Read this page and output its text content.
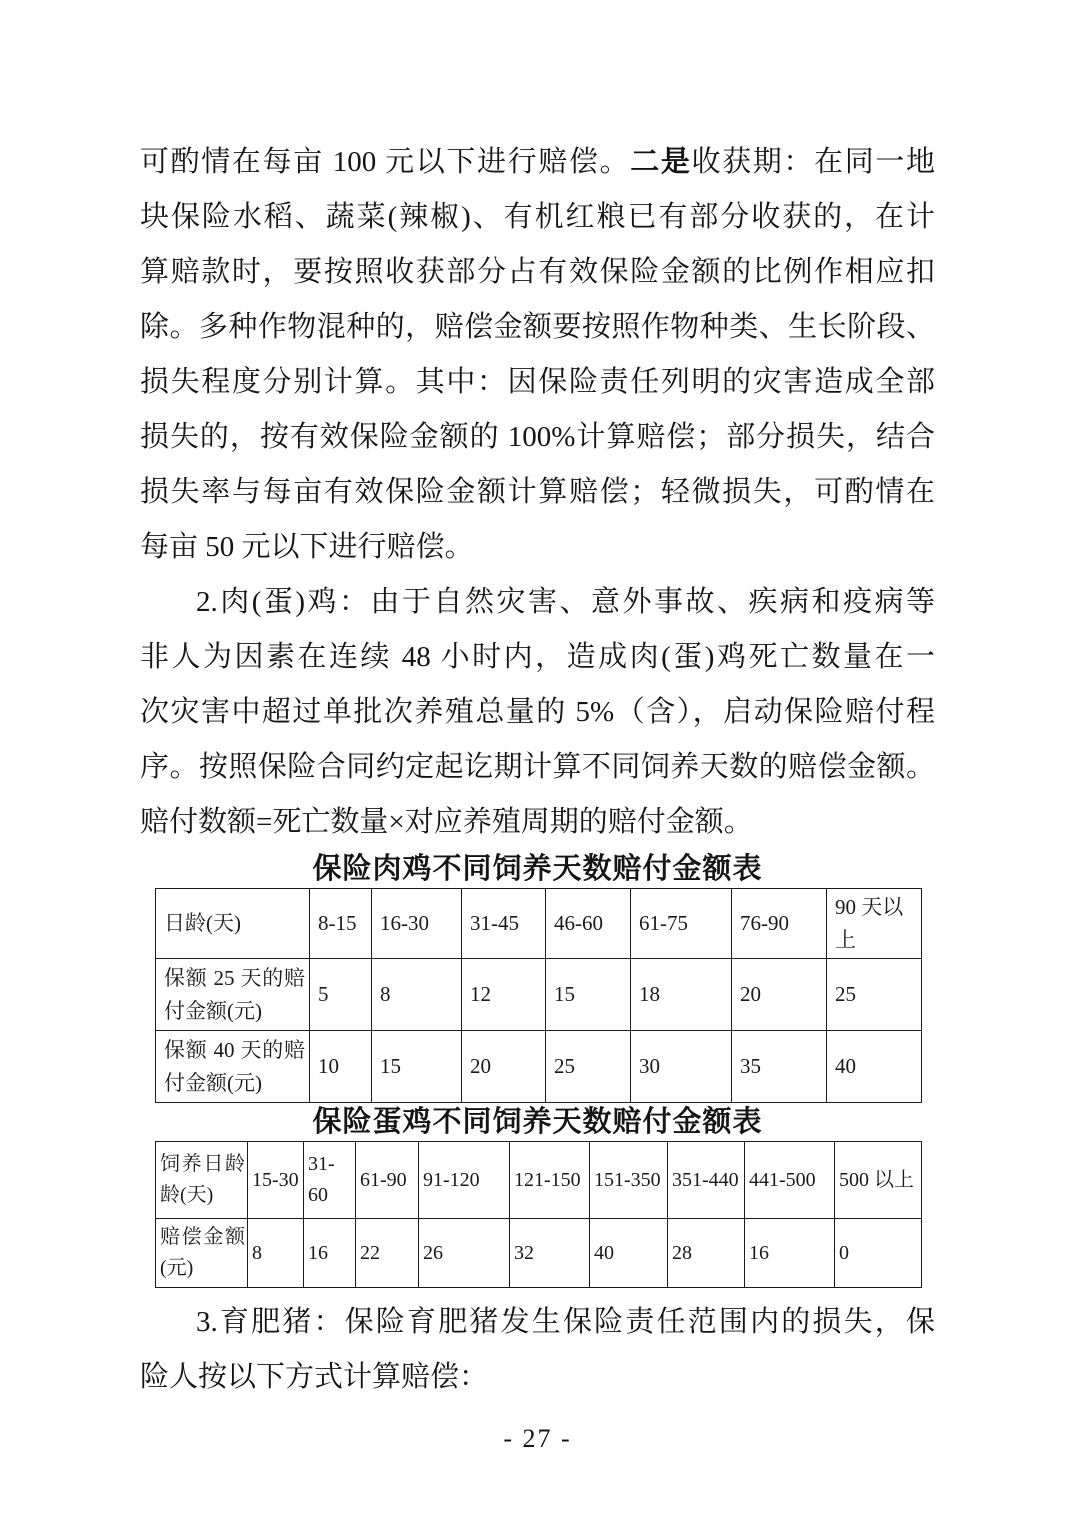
可酌情在每亩 100 元以下进行赔偿。二是收获期：在同一地
块保险水稻、蔬菜(辣椒)、有机红粮已有部分收获的，在计
算赔款时，要按照收获部分占有效保险金额的比例作相应扣
除。多种作物混种的，赔偿金额要按照作物种类、生长阶段、
损失程度分别计算。其中：因保险责任列明的灾害造成全部
损失的，按有效保险金额的 100%计算赔偿；部分损失，结合
损失率与每亩有效保险金额计算赔偿；轻微损失，可酌情在
每亩 50 元以下进行赔偿。
2.肉(蛋)鸡：由于自然灾害、意外事故、疾病和疫病等
非人为因素在连续 48 小时内，造成肉(蛋)鸡死亡数量在一
次灾害中超过单批次养殖总量的 5%（含），启动保险赔付程
序。按照保险合同约定起讫期计算不同饲养天数的赔偿金额。
赔付数额=死亡数量×对应养殖周期的赔付金额。
保险肉鸡不同饲养天数赔付金额表
日龄(天)	8-15	16-30	31-45	46-60	61-75	76-90	90 天以上
保额 25 天的赔付金额(元)	5	8	12	15	18	20	25
保额 40 天的赔付金额(元)	10	15	20	25	30	35	40
保险蛋鸡不同饲养天数赔付金额表
饲养日龄龄(天)	15-30	31-60	61-90	91-120	121-150	151-350	351-440	441-500	500 以上
赔偿金额(元)	8	16	22	26	32	40	28	16	0
3.育肥猪：保险育肥猪发生保险责任范围内的损失，保
险人按以下方式计算赔偿：
- 27 -
